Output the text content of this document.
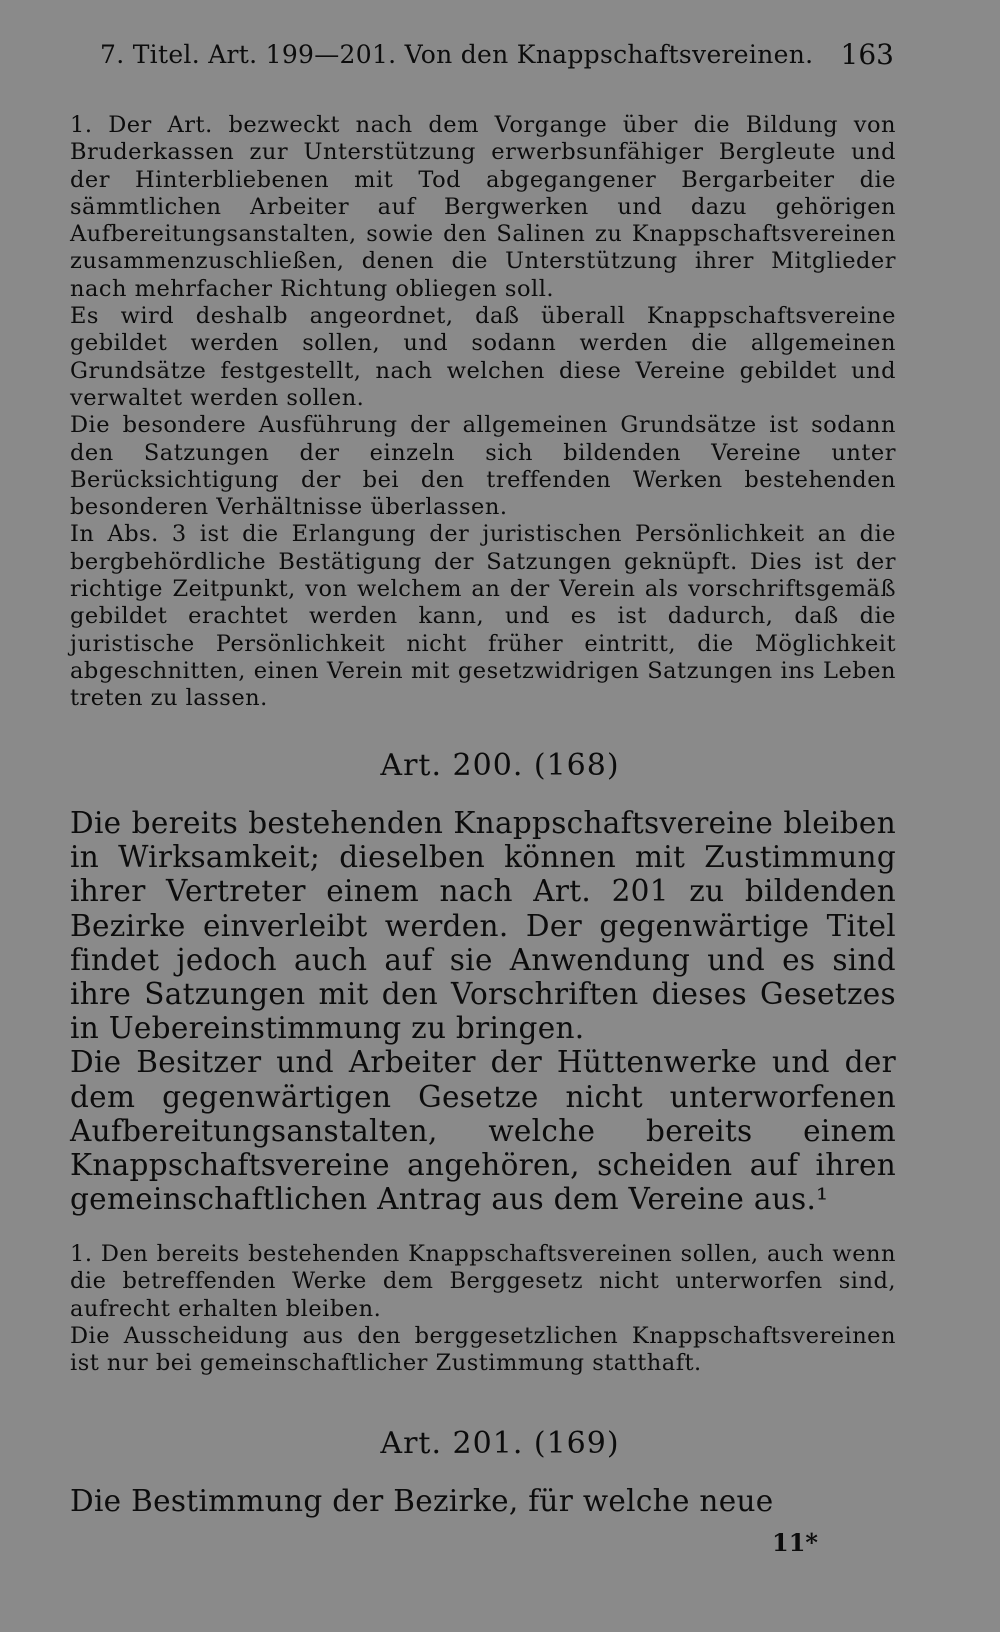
7. Titel. Art. 199—201. Von den Knappschaftsvereinen. 163
1. Der Art. bezweckt nach dem Vorgange über die Bildung von Bruderkassen zur Unterstützung erwerbsunfähiger Bergleute und der Hinterbliebenen mit Tod abgegangener Bergarbeiter die sämmtlichen Arbeiter auf Bergwerken und dazu gehörigen Aufbereitungsanstalten, sowie den Salinen zu Knappschaftsvereinen zusammenzuschließen, denen die Unterstützung ihrer Mitglieder nach mehrfacher Richtung obliegen soll.
Es wird deshalb angeordnet, daß überall Knappschaftsvereine gebildet werden sollen, und sodann werden die allgemeinen Grundsätze festgestellt, nach welchen diese Vereine gebildet und verwaltet werden sollen.
Die besondere Ausführung der allgemeinen Grundsätze ist sodann den Satzungen der einzeln sich bildenden Vereine unter Berücksichtigung der bei den treffenden Werken bestehenden besonderen Verhältnisse überlassen.
In Abs. 3 ist die Erlangung der juristischen Persönlichkeit an die bergbehördliche Bestätigung der Satzungen geknüpft. Dies ist der richtige Zeitpunkt, von welchem an der Verein als vorschriftsgemäß gebildet erachtet werden kann, und es ist dadurch, daß die juristische Persönlichkeit nicht früher eintritt, die Möglichkeit abgeschnitten, einen Verein mit gesetzwidrigen Satzungen ins Leben treten zu lassen.
Art. 200. (168)
Die bereits bestehenden Knappschaftsvereine bleiben in Wirksamkeit; dieselben können mit Zustimmung ihrer Vertreter einem nach Art. 201 zu bildenden Bezirke einverleibt werden. Der gegenwärtige Titel findet jedoch auch auf sie Anwendung und es sind ihre Satzungen mit den Vorschriften dieses Gesetzes in Uebereinstimmung zu bringen.
Die Besitzer und Arbeiter der Hüttenwerke und der dem gegenwärtigen Gesetze nicht unterworfenen Aufbereitungsanstalten, welche bereits einem Knappschaftsvereine angehören, scheiden auf ihren gemeinschaftlichen Antrag aus dem Vereine aus.¹
1. Den bereits bestehenden Knappschaftsvereinen sollen, auch wenn die betreffenden Werke dem Berggesetz nicht unterworfen sind, aufrecht erhalten bleiben.
Die Ausscheidung aus den berggesetzlichen Knappschaftsvereinen ist nur bei gemeinschaftlicher Zustimmung statthaft.
Art. 201. (169)
Die Bestimmung der Bezirke, für welche neue
11*
